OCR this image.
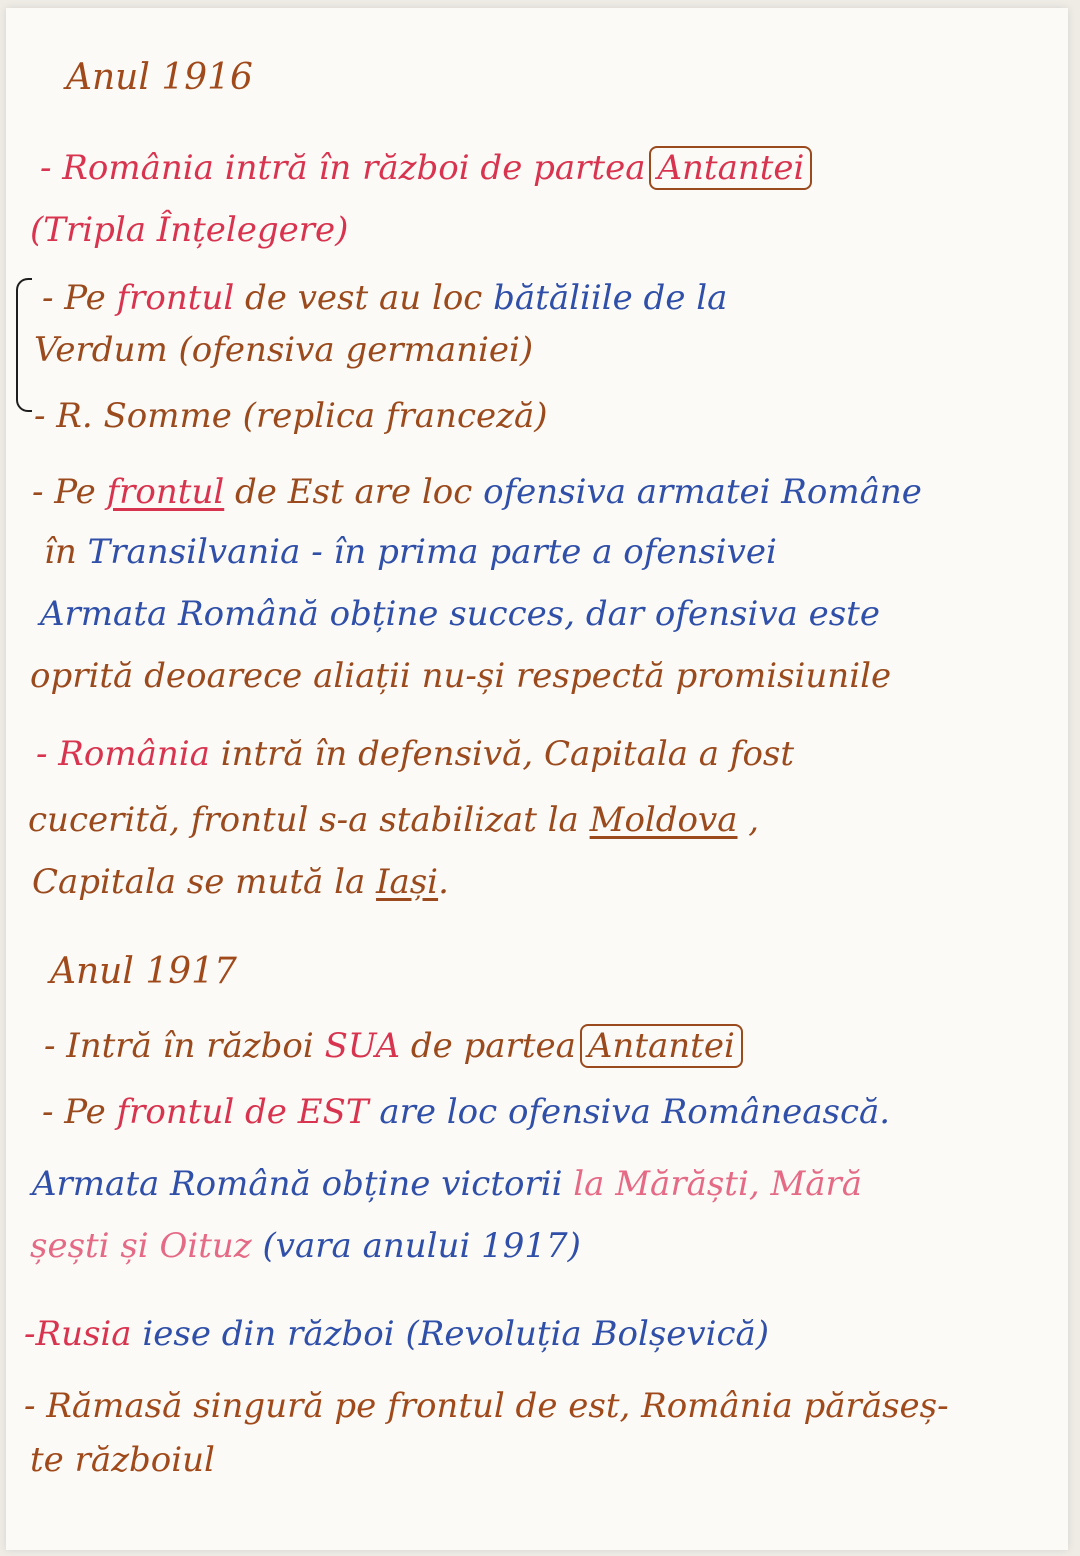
Anul 1916
- România intră în război de partea Antantei
(Tripla Înțelegere)
- Pe frontul de vest au loc bătăliile de la
Verdum (ofensiva germaniei)
- R. Somme (replica franceză)
- Pe frontul de Est are loc ofensiva armatei Române
în Transilvania - în prima parte a ofensivei
Armata Română obține succes, dar ofensiva este
oprită deoarece aliații nu-și respectă promisiunile
- România intră în defensivă, Capitala a fost
cucerită, frontul s-a stabilizat la Moldova ,
Capitala se mută la Iași.
Anul 1917
- Intră în război SUA de partea Antantei
- Pe frontul de EST are loc ofensiva Românească.
Armata Română obține victorii la Mărăști, Mără
șești și Oituz (vara anului 1917)
-Rusia iese din război (Revoluția Bolșevică)
- Rămasă singură pe frontul de est, România părăseș-
te războiul
